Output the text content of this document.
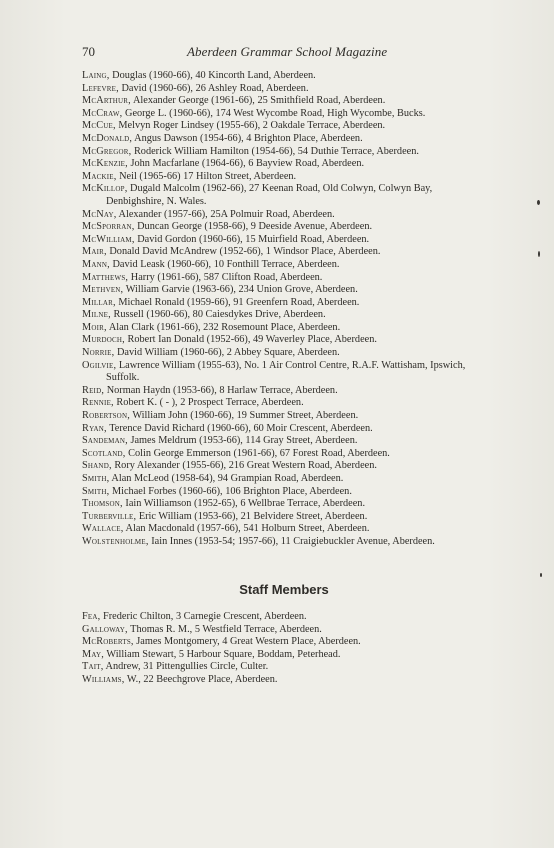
70	Aberdeen Grammar School Magazine
Laing, Douglas (1960-66), 40 Kincorth Land, Aberdeen.
Lefevre, David (1960-66), 26 Ashley Road, Aberdeen.
McArthur, Alexander George (1961-66), 25 Smithfield Road, Aberdeen.
McCraw, George L. (1960-66), 174 West Wycombe Road, High Wycombe, Bucks.
McCue, Melvyn Roger Lindsey (1955-66), 2 Oakdale Terrace, Aberdeen.
McDonald, Angus Dawson (1954-66), 4 Brighton Place, Aberdeen.
McGregor, Roderick William Hamilton (1954-66), 54 Duthie Terrace, Aberdeen.
McKenzie, John Macfarlane (1964-66), 6 Bayview Road, Aberdeen.
Mackie, Neil (1965-66) 17 Hilton Street, Aberdeen.
McKillop, Dugald Malcolm (1962-66), 27 Keenan Road, Old Colwyn, Colwyn Bay, Denbighshire, N. Wales.
McNay, Alexander (1957-66), 25A Polmuir Road, Aberdeen.
McSporran, Duncan George (1958-66), 9 Deeside Avenue, Aberdeen.
McWilliam, David Gordon (1960-66), 15 Muirfield Road, Aberdeen.
Mair, Donald David McAndrew (1952-66), 1 Windsor Place, Aberdeen.
Mann, David Leask (1960-66), 10 Fonthill Terrace, Aberdeen.
Matthews, Harry (1961-66), 587 Clifton Road, Aberdeen.
Methven, William Garvie (1963-66), 234 Union Grove, Aberdeen.
Millar, Michael Ronald (1959-66), 91 Greenfern Road, Aberdeen.
Milne, Russell (1960-66), 80 Caiesdykes Drive, Aberdeen.
Moir, Alan Clark (1961-66), 232 Rosemount Place, Aberdeen.
Murdoch, Robert Ian Donald (1952-66), 49 Waverley Place, Aberdeen.
Norrie, David William (1960-66), 2 Abbey Square, Aberdeen.
Ogilvie, Lawrence William (1955-63), No. 1 Air Control Centre, R.A.F. Wattisham, Ipswich, Suffolk.
Reid, Norman Haydn (1953-66), 8 Harlaw Terrace, Aberdeen.
Rennie, Robert K. ( - ), 2 Prospect Terrace, Aberdeen.
Robertson, William John (1960-66), 19 Summer Street, Aberdeen.
Ryan, Terence David Richard (1960-66), 60 Moir Crescent, Aberdeen.
Sandeman, James Meldrum (1953-66), 114 Gray Street, Aberdeen.
Scotland, Colin George Emmerson (1961-66), 67 Forest Road, Aberdeen.
Shand, Rory Alexander (1955-66), 216 Great Western Road, Aberdeen.
Smith, Alan McLeod (1958-64), 94 Grampian Road, Aberdeen.
Smith, Michael Forbes (1960-66), 106 Brighton Place, Aberdeen.
Thomson, Iain Williamson (1952-65), 6 Wellbrae Terrace, Aberdeen.
Turberville, Eric William (1953-66), 21 Belvidere Street, Aberdeen.
Wallace, Alan Macdonald (1957-66), 541 Holburn Street, Aberdeen.
Wolstenholme, Iain Innes (1953-54; 1957-66), 11 Craigiebuckler Avenue, Aberdeen.
Staff Members
Fea, Frederic Chilton, 3 Carnegie Crescent, Aberdeen.
Galloway, Thomas R. M., 5 Westfield Terrace, Aberdeen.
McRoberts, James Montgomery, 4 Great Western Place, Aberdeen.
May, William Stewart, 5 Harbour Square, Boddam, Peterhead.
Tait, Andrew, 31 Pittengullies Circle, Culter.
Williams, W., 22 Beechgrove Place, Aberdeen.
